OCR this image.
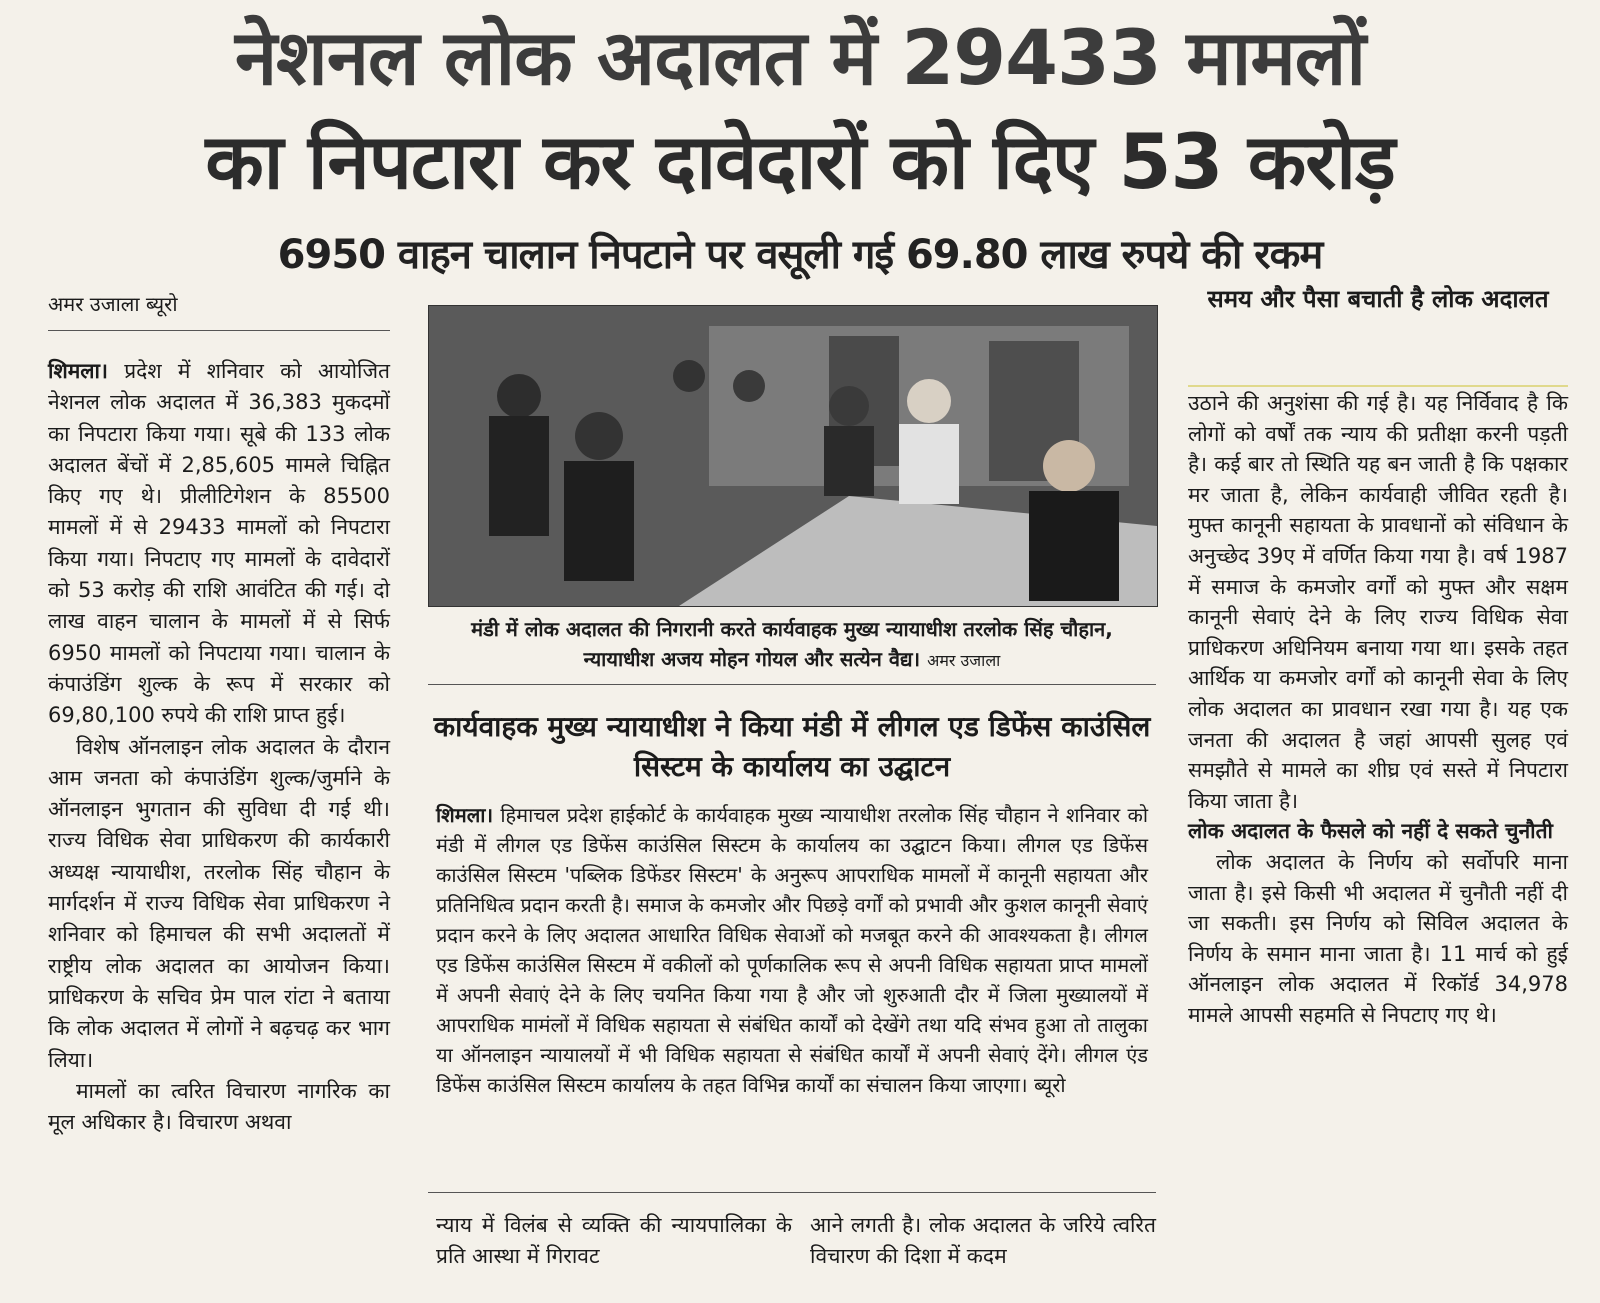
नेशनल लोक अदालत में 29433 मामलों
का निपटारा कर दावेदारों को दिए 53 करोड़
6950 वाहन चालान निपटाने पर वसूली गई 69.80 लाख रुपये की रकम
अमर उजाला ब्यूरो

शिमला। प्रदेश में शनिवार को आयोजित नेशनल लोक अदालत में 36,383 मुकदमों का निपटारा किया गया। सूबे की 133 लोक अदालत बेंचों में 2,85,605 मामले चिह्नित किए गए थे। प्रीलीटिगेशन के 85500 मामलों में से 29433 मामलों को निपटारा किया गया। निपटाए गए मामलों के दावेदारों को 53 करोड़ की राशि आवंटित की गई। दो लाख वाहन चालान के मामलों में से सिर्फ 6950 मामलों को निपटाया गया। चालान के कंपाउंडिंग शुल्क के रूप में सरकार को 69,80,100 रुपये की राशि प्राप्त हुई।

विशेष ऑनलाइन लोक अदालत के दौरान आम जनता को कंपाउंडिंग शुल्क/जुर्माने के ऑनलाइन भुगतान की सुविधा दी गई थी। राज्य विधिक सेवा प्राधिकरण की कार्यकारी अध्यक्ष न्यायाधीश, तरलोक सिंह चौहान के मार्गदर्शन में राज्य विधिक सेवा प्राधिकरण ने शनिवार को हिमाचल की सभी अदालतों में राष्ट्रीय लोक अदालत का आयोजन किया। प्राधिकरण के सचिव प्रेम पाल रांटा ने बताया कि लोक अदालत में लोगों ने बढ़चढ़ कर भाग लिया।

मामलों का त्वरित विचारण नागरिक का मूल अधिकार है। विचारण अथवा

मंडी में लोक अदालत की निगरानी करते कार्यवाहक मुख्य न्यायाधीश तरलोक सिंह चौहान, न्यायाधीश अजय मोहन गोयल और सत्येन वैद्य। अमर उजाला
कार्यवाहक मुख्य न्यायाधीश ने किया मंडी में लीगल एड डिफेंस काउंसिल सिस्टम के कार्यालय का उद्घाटन

शिमला। हिमाचल प्रदेश हाईकोर्ट के कार्यवाहक मुख्य न्यायाधीश तरलोक सिंह चौहान ने शनिवार को मंडी में लीगल एड डिफेंस काउंसिल सिस्टम के कार्यालय का उद्घाटन किया। लीगल एड डिफेंस काउंसिल सिस्टम 'पब्लिक डिफेंडर सिस्टम' के अनुरूप आपराधिक मामलों में कानूनी सहायता और प्रतिनिधित्व प्रदान करती है। समाज के कमजोर और पिछड़े वर्गों को प्रभावी और कुशल कानूनी सेवाएं प्रदान करने के लिए अदालत आधारित विधिक सेवाओं को मजबूत करने की आवश्यकता है। लीगल एड डिफेंस काउंसिल सिस्टम में वकीलों को पूर्णकालिक रूप से अपनी विधिक सहायता प्राप्त मामलों में अपनी सेवाएं देने के लिए चयनित किया गया है और जो शुरुआती दौर में जिला मुख्यालयों में आपराधिक मामंलों में विधिक सहायता से संबंधित कार्यों को देखेंगे तथा यदि संभव हुआ तो तालुका या ऑनलाइन न्यायालयों में भी विधिक सहायता से संबंधित कार्यों में अपनी सेवाएं देंगे। लीगल एंड डिफेंस काउंसिल सिस्टम कार्यालय के तहत विभिन्न कार्यों का संचालन किया जाएगा। ब्यूरो

न्याय में विलंब से व्यक्ति की न्यायपालिका के प्रति आस्था में गिरावट
आने लगती है। लोक अदालत के जरिये त्वरित विचारण की दिशा में कदम
समय और पैसा बचाती है लोक अदालत

उठाने की अनुशंसा की गई है। यह निर्विवाद है कि लोगों को वर्षों तक न्याय की प्रतीक्षा करनी पड़ती है। कई बार तो स्थिति यह बन जाती है कि पक्षकार मर जाता है, लेकिन कार्यवाही जीवित रहती है। मुफ्त कानूनी सहायता के प्रावधानों को संविधान के अनुच्छेद 39ए में वर्णित किया गया है। वर्ष 1987 में समाज के कमजोर वर्गों को मुफ्त और सक्षम कानूनी सेवाएं देने के लिए राज्य विधिक सेवा प्राधिकरण अधिनियम बनाया गया था। इसके तहत आर्थिक या कमजोर वर्गों को कानूनी सेवा के लिए लोक अदालत का प्रावधान रखा गया है। यह एक जनता की अदालत है जहां आपसी सुलह एवं समझौते से मामले का शीघ्र एवं सस्ते में निपटारा किया जाता है।

लोक अदालत के फैसले को नहीं दे सकते चुनौती

लोक अदालत के निर्णय को सर्वोपरि माना जाता है। इसे किसी भी अदालत में चुनौती नहीं दी जा सकती। इस निर्णय को सिविल अदालत के निर्णय के समान माना जाता है। 11 मार्च को हुई ऑनलाइन लोक अदालत में रिकॉर्ड 34,978 मामले आपसी सहमति से निपटाए गए थे।
